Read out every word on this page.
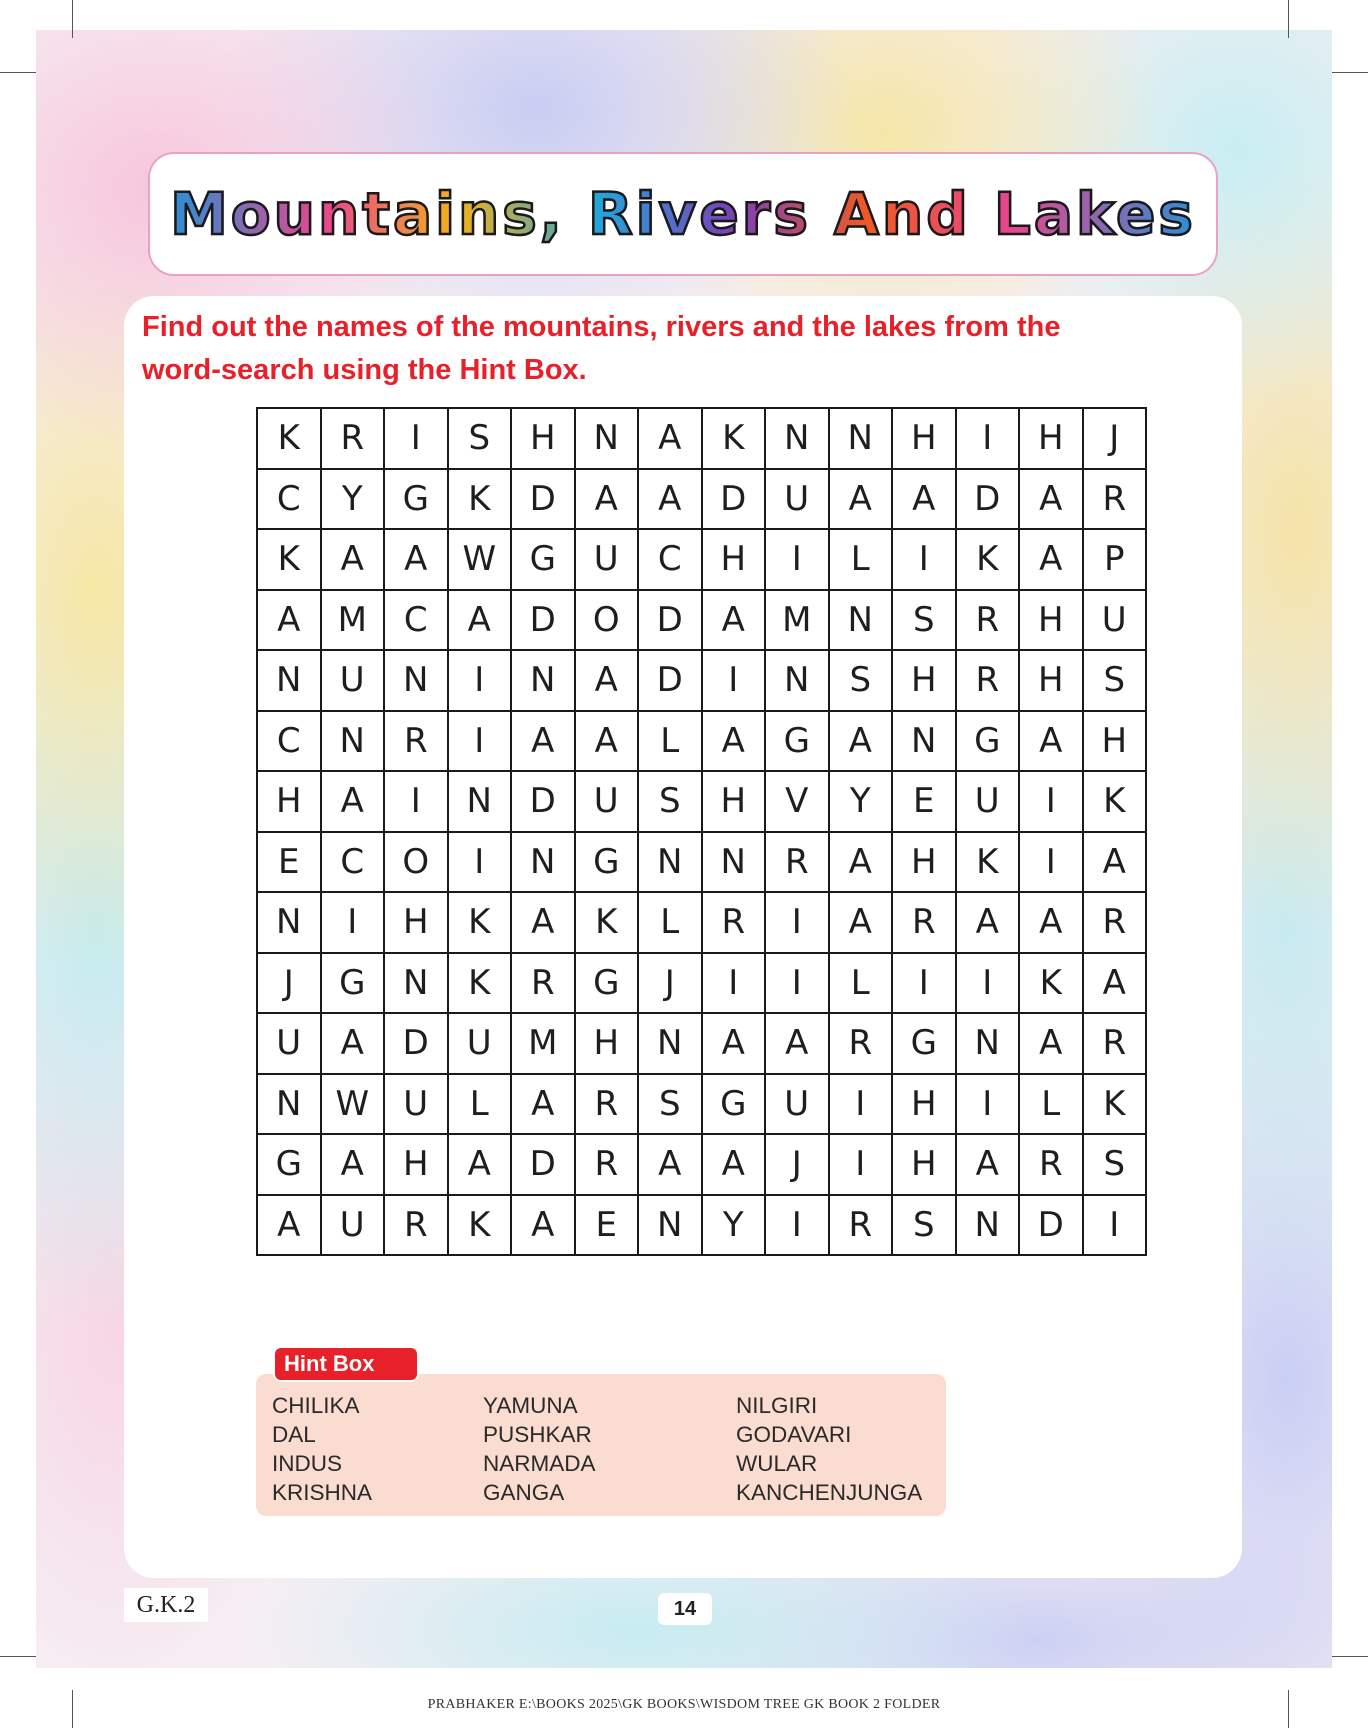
Mountains, Rivers And Lakes
Find out the names of the mountains, rivers and the lakes from the
word-search using the Hint Box.
K	R	I	S	H	N	A	K	N	N	H	I	H	J
C	Y	G	K	D	A	A	D	U	A	A	D	A	R
K	A	A	W	G	U	C	H	I	L	I	K	A	P
A	M	C	A	D	O	D	A	M	N	S	R	H	U
N	U	N	I	N	A	D	I	N	S	H	R	H	S
C	N	R	I	A	A	L	A	G	A	N	G	A	H
H	A	I	N	D	U	S	H	V	Y	E	U	I	K
E	C	O	I	N	G	N	N	R	A	H	K	I	A
N	I	H	K	A	K	L	R	I	A	R	A	A	R
J	G	N	K	R	G	J	I	I	L	I	I	K	A
U	A	D	U	M	H	N	A	A	R	G	N	A	R
N	W	U	L	A	R	S	G	U	I	H	I	L	K
G	A	H	A	D	R	A	A	J	I	H	A	R	S
A	U	R	K	A	E	N	Y	I	R	S	N	D	I
Hint Box
CHILIKA
DAL
INDUS
KRISHNA
YAMUNA
PUSHKAR
NARMADA
GANGA
NILGIRI
GODAVARI
WULAR
KANCHENJUNGA
G.K.2	14
PRABHAKER E:\BOOKS 2025\GK BOOKS\WISDOM TREE GK BOOK 2 FOLDER
